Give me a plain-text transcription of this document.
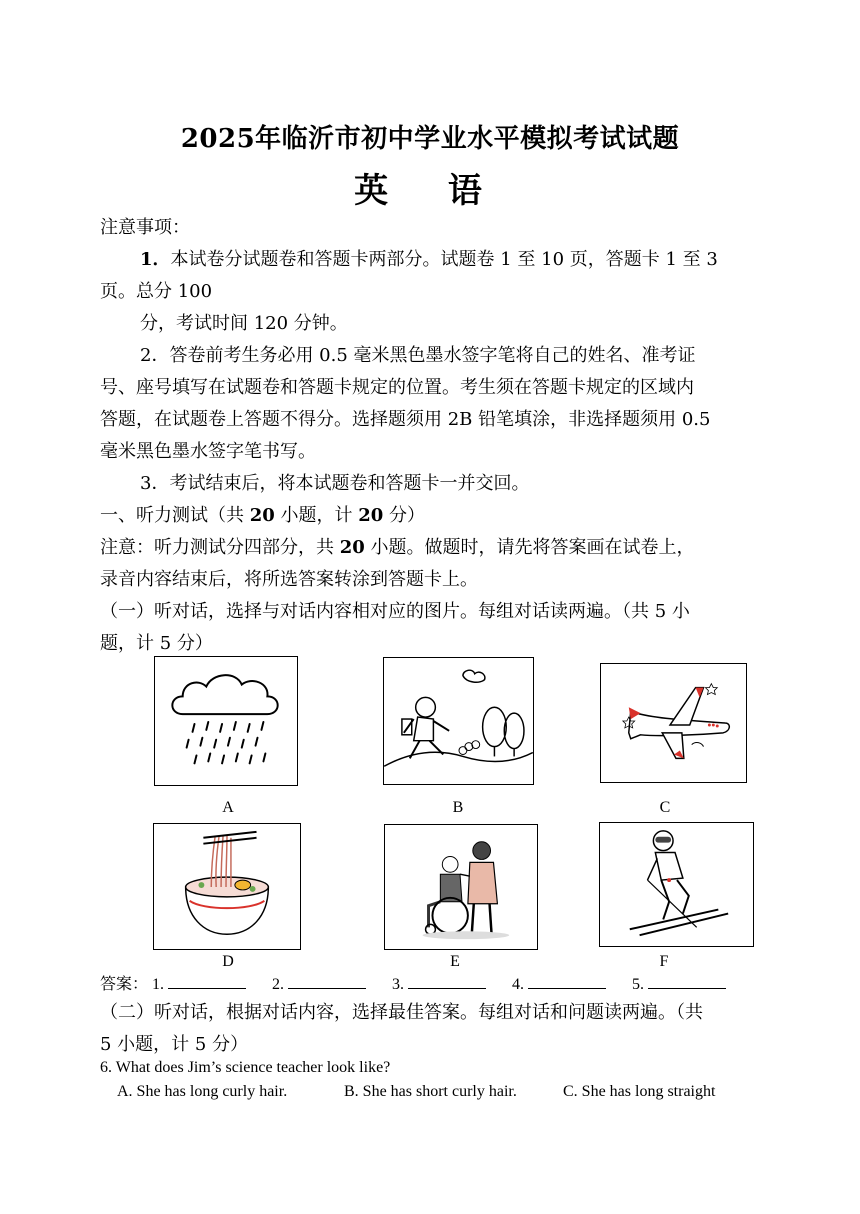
2025年临沂市初中学业水平模拟考试试题
英 语
注意事项：
1．本试卷分试题卷和答题卡两部分。试题卷 1 至 10 页，答题卡 1 至 3
页。总分 100
分，考试时间 120 分钟。
2．答卷前考生务必用 0.5 毫米黑色墨水签字笔将自己的姓名、准考证
号、座号填写在试题卷和答题卡规定的位置。考生须在答题卡规定的区域内
答题，在试题卷上答题不得分。选择题须用 2B 铅笔填涂，非选择题须用 0.5
毫米黑色墨水签字笔书写。
3．考试结束后，将本试题卷和答题卡一并交回。
一、听力测试（共 20 小题，计 20 分）
注意：听力测试分四部分，共 20 小题。做题时，请先将答案画在试卷上，
录音内容结束后，将所选答案转涂到答题卡上。
（一）听对话，选择与对话内容相对应的图片。每组对话读两遍。（共 5 小
题，计 5 分）
A	B	C
D	E	F
答案： 1.	2.	3.	4.	5.
（二）听对话，根据对话内容，选择最佳答案。每组对话和问题读两遍。（共
5 小题，计 5 分）
6. What does Jim’s science teacher look like?
A. She has long curly hair.	B. She has short curly hair.	C. She has long straight
